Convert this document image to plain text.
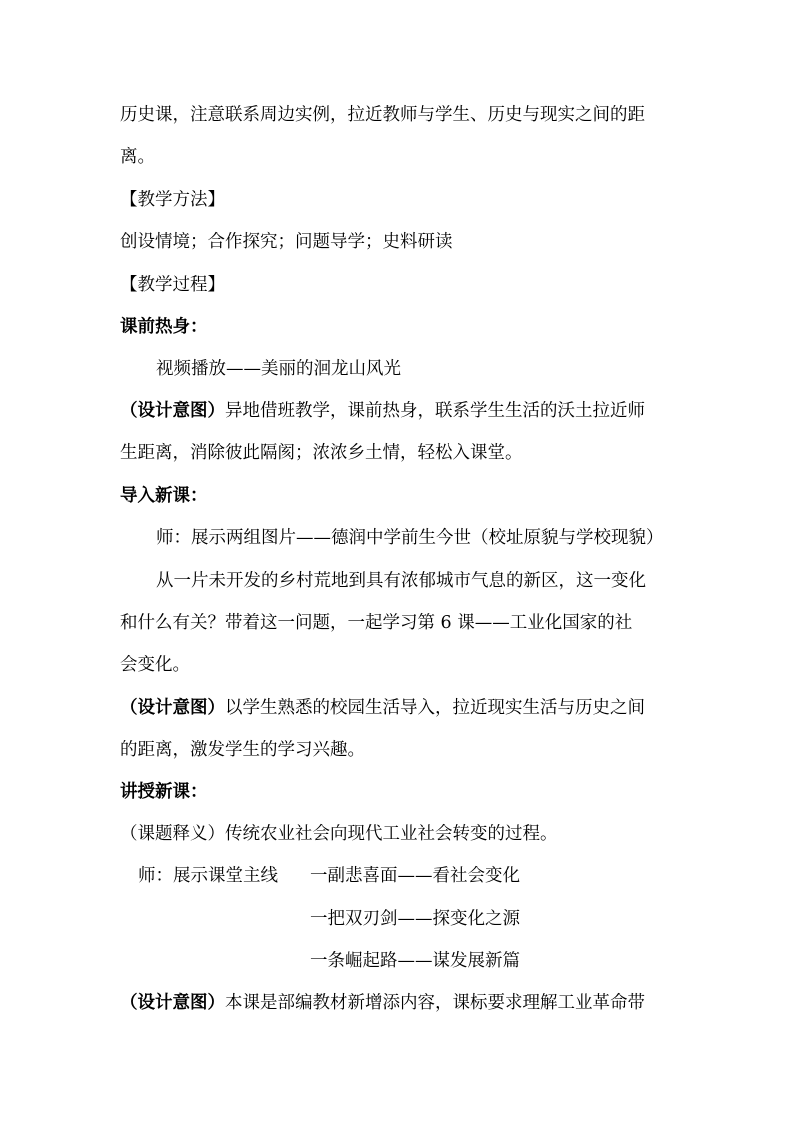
历史课，注意联系周边实例，拉近教师与学生、历史与现实之间的距
离。
【教学方法】
创设情境；合作探究；问题导学；史料研读
【教学过程】
课前热身：
视频播放——美丽的洄龙山风光
（设计意图）异地借班教学，课前热身，联系学生生活的沃土拉近师
生距离，消除彼此隔阂；浓浓乡土情，轻松入课堂。
导入新课：
师：展示两组图片——德润中学前生今世（校址原貌与学校现貌）
从一片未开发的乡村荒地到具有浓郁城市气息的新区，这一变化
和什么有关？带着这一问题，一起学习第 6 课——工业化国家的社
会变化。
（设计意图）以学生熟悉的校园生活导入，拉近现实生活与历史之间
的距离，激发学生的学习兴趣。
讲授新课：
（课题释义）传统农业社会向现代工业社会转变的过程。
师：展示课堂主线	一副悲喜面——看社会变化
一把双刃剑——探变化之源
一条崛起路——谋发展新篇
（设计意图）本课是部编教材新增添内容，课标要求理解工业革命带
